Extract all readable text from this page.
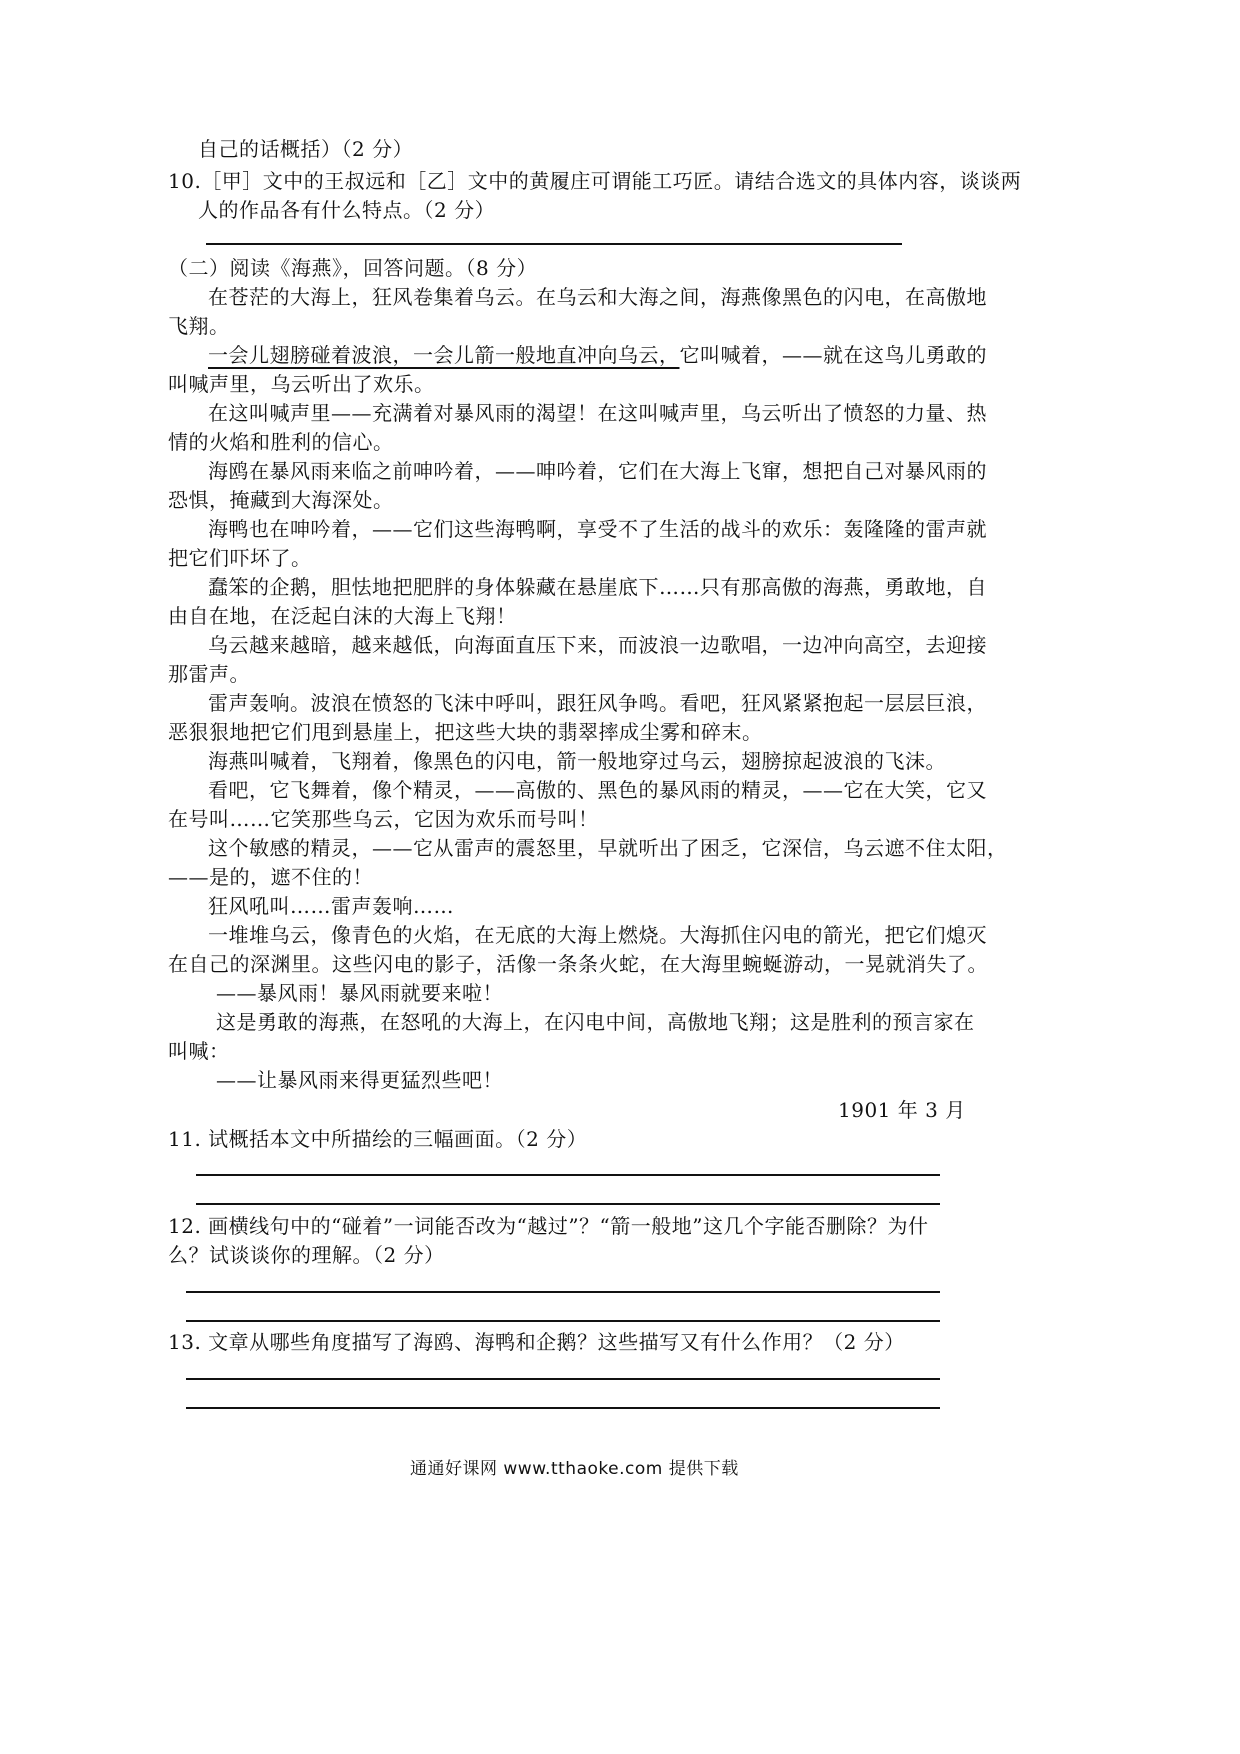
自己的话概括）（2 分）
10.［甲］文中的王叔远和［乙］文中的黄履庄可谓能工巧匠。请结合选文的具体内容，谈谈两
人的作品各有什么特点。（2 分）
（二）阅读《海燕》，回答问题。（8 分）
在苍茫的大海上，狂风卷集着乌云。在乌云和大海之间，海燕像黑色的闪电，在高傲地
飞翔。
一会儿翅膀碰着波浪，一会儿箭一般地直冲向乌云，它叫喊着，——就在这鸟儿勇敢的
叫喊声里，乌云听出了欢乐。
在这叫喊声里——充满着对暴风雨的渴望！在这叫喊声里，乌云听出了愤怒的力量、热
情的火焰和胜利的信心。
海鸥在暴风雨来临之前呻吟着，——呻吟着，它们在大海上飞窜，想把自己对暴风雨的
恐惧，掩藏到大海深处。
海鸭也在呻吟着，——它们这些海鸭啊，享受不了生活的战斗的欢乐：轰隆隆的雷声就
把它们吓坏了。
蠢笨的企鹅，胆怯地把肥胖的身体躲藏在悬崖底下……只有那高傲的海燕，勇敢地，自
由自在地，在泛起白沫的大海上飞翔！
乌云越来越暗，越来越低，向海面直压下来，而波浪一边歌唱，一边冲向高空，去迎接
那雷声。
雷声轰响。波浪在愤怒的飞沫中呼叫，跟狂风争鸣。看吧，狂风紧紧抱起一层层巨浪，
恶狠狠地把它们甩到悬崖上，把这些大块的翡翠摔成尘雾和碎末。
海燕叫喊着，飞翔着，像黑色的闪电，箭一般地穿过乌云，翅膀掠起波浪的飞沫。
看吧，它飞舞着，像个精灵，——高傲的、黑色的暴风雨的精灵，——它在大笑，它又
在号叫……它笑那些乌云，它因为欢乐而号叫！
这个敏感的精灵，——它从雷声的震怒里，早就听出了困乏，它深信，乌云遮不住太阳，
——是的，遮不住的！
狂风吼叫……雷声轰响……
一堆堆乌云，像青色的火焰，在无底的大海上燃烧。大海抓住闪电的箭光，把它们熄灭
在自己的深渊里。这些闪电的影子，活像一条条火蛇，在大海里蜿蜒游动，一晃就消失了。
——暴风雨！暴风雨就要来啦！
这是勇敢的海燕，在怒吼的大海上，在闪电中间，高傲地飞翔；这是胜利的预言家在
叫喊：
——让暴风雨来得更猛烈些吧！
1901 年 3 月
11. 试概括本文中所描绘的三幅画面。（2 分）
12. 画横线句中的“碰着”一词能否改为“越过”？“箭一般地”这几个字能否删除？为什
么？试谈谈你的理解。（2 分）
13. 文章从哪些角度描写了海鸥、海鸭和企鹅？这些描写又有什么作用？（2 分）
通通好课网 www.tthaoke.com 提供下载
